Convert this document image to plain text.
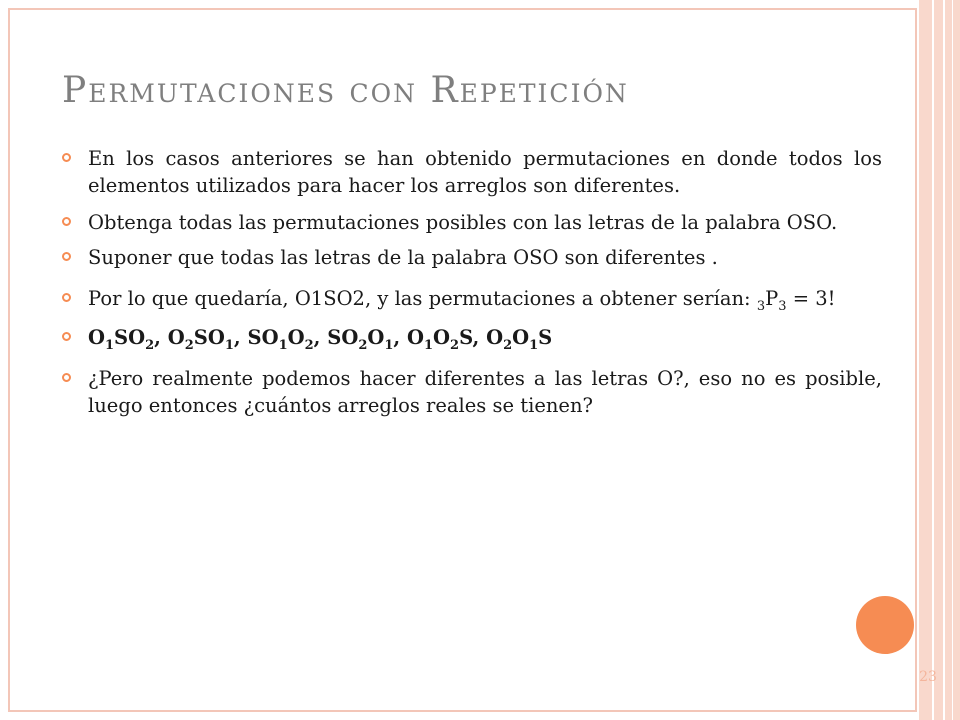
23
Permutaciones con Repetición

En los casos anteriores se han obtenido permutaciones en donde todos los elementos utilizados para hacer los arreglos son diferentes.

Obtenga todas las permutaciones posibles con las letras de la palabra OSO.

Suponer que todas las letras de la palabra OSO son diferentes .

Por lo que quedaría, O1SO2, y las permutaciones a obtener serían: $_3P_3 = 3$!

$O_1SO_2$, $O_2SO_1$, $SO_1O_2$, $SO_2O_1$, $O_1O_2S$, $O_2O_1S$

¿Pero realmente podemos hacer diferentes a las letras O?, eso no es posible, luego entonces ¿cuántos arreglos reales se tienen?
